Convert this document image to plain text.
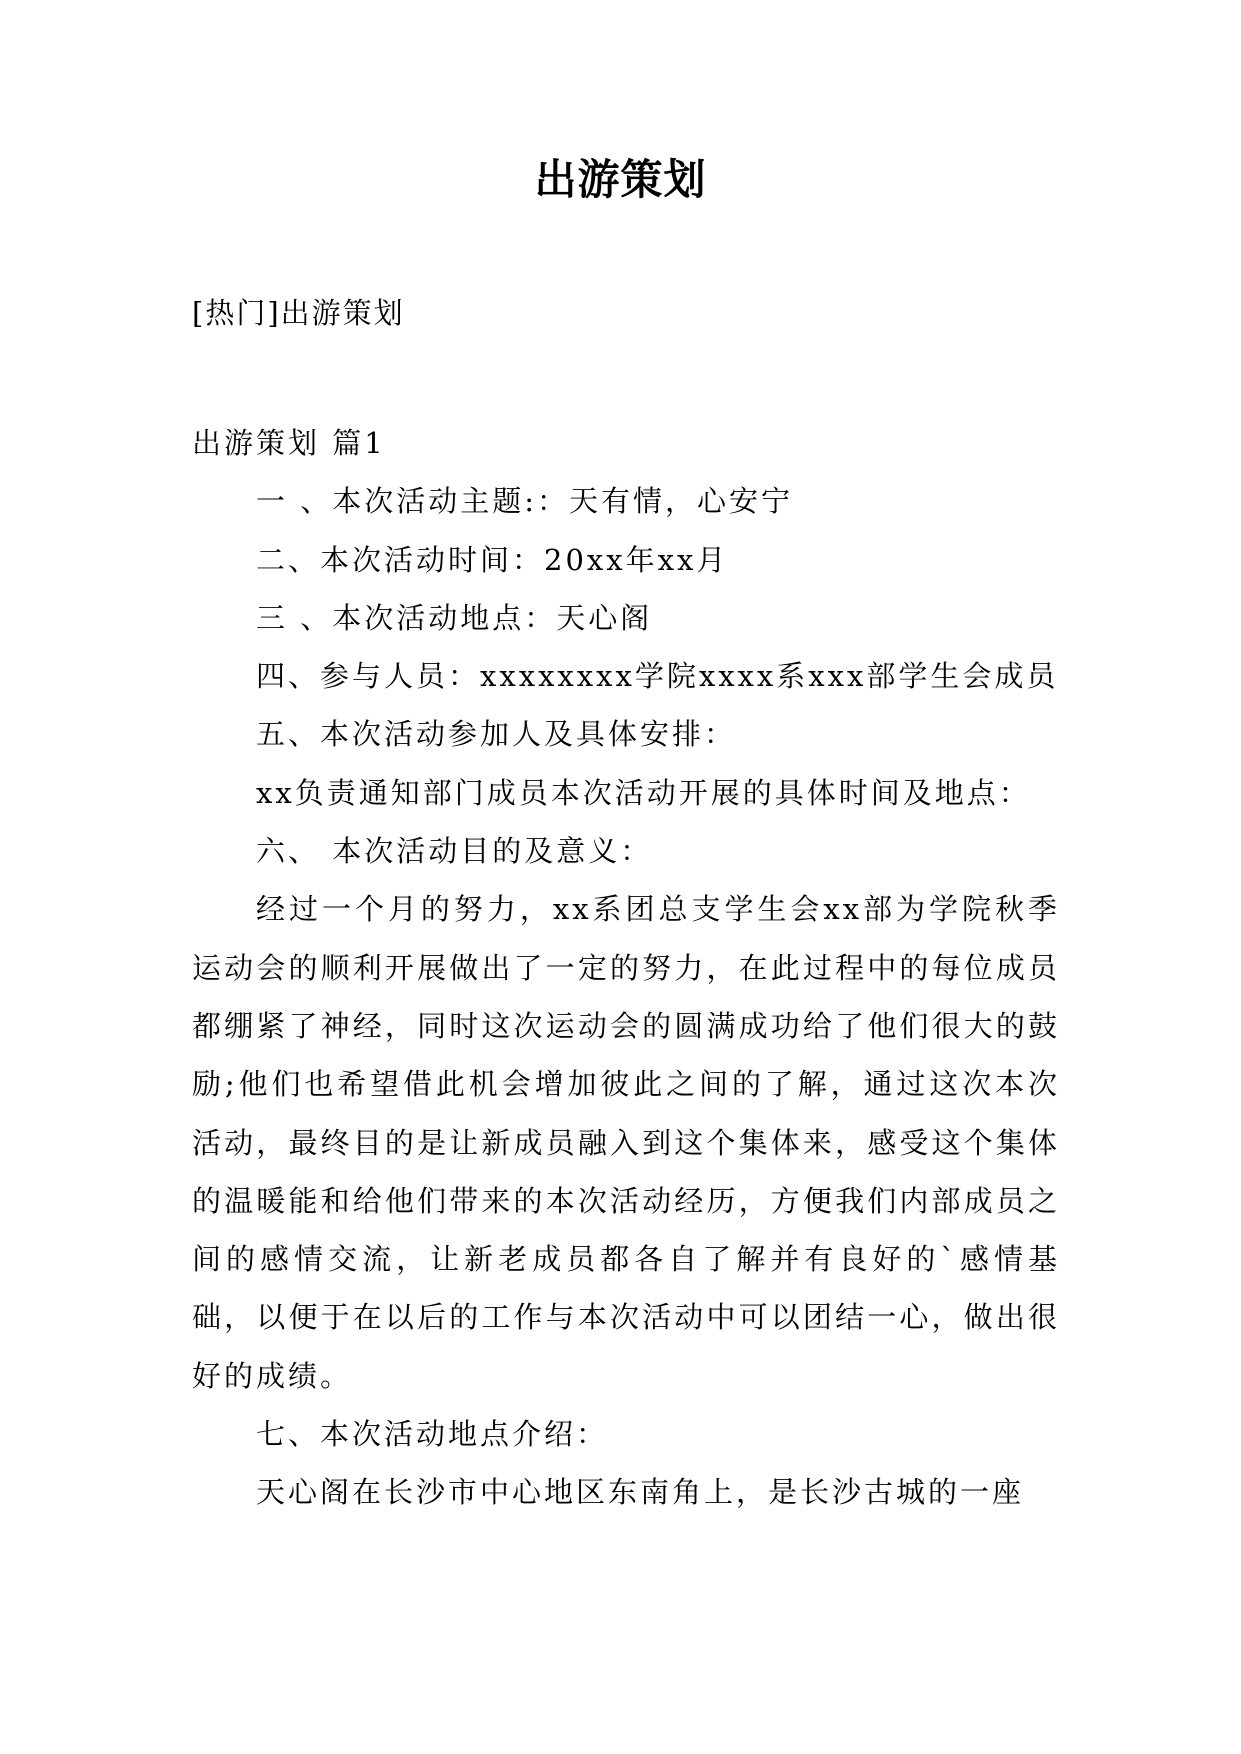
出游策划
[热门]出游策划

出游策划 篇1

一 、本次活动主题:：天有情，心安宁

二、本次活动时间：20xx年xx月

三 、本次活动地点：天心阁

四、参与人员：xxxxxxxx学院xxxx系xxx部学生会成员

五、本次活动参加人及具体安排：

xx负责通知部门成员本次活动开展的具体时间及地点：

六、 本次活动目的及意义：

经过一个月的努力，xx系团总支学生会xx部为学院秋季运动会的顺利开展做出了一定的努力，在此过程中的每位成员都绷紧了神经，同时这次运动会的圆满成功给了他们很大的鼓励;他们也希望借此机会增加彼此之间的了解，通过这次本次活动，最终目的是让新成员融入到这个集体来，感受这个集体的温暖能和给他们带来的本次活动经历，方便我们内部成员之间的感情交流，让新老成员都各自了解并有良好的`感情基础，以便于在以后的工作与本次活动中可以团结一心，做出很好的成绩。

七、本次活动地点介绍：

天心阁在长沙市中心地区东南角上，是长沙古城的一座
